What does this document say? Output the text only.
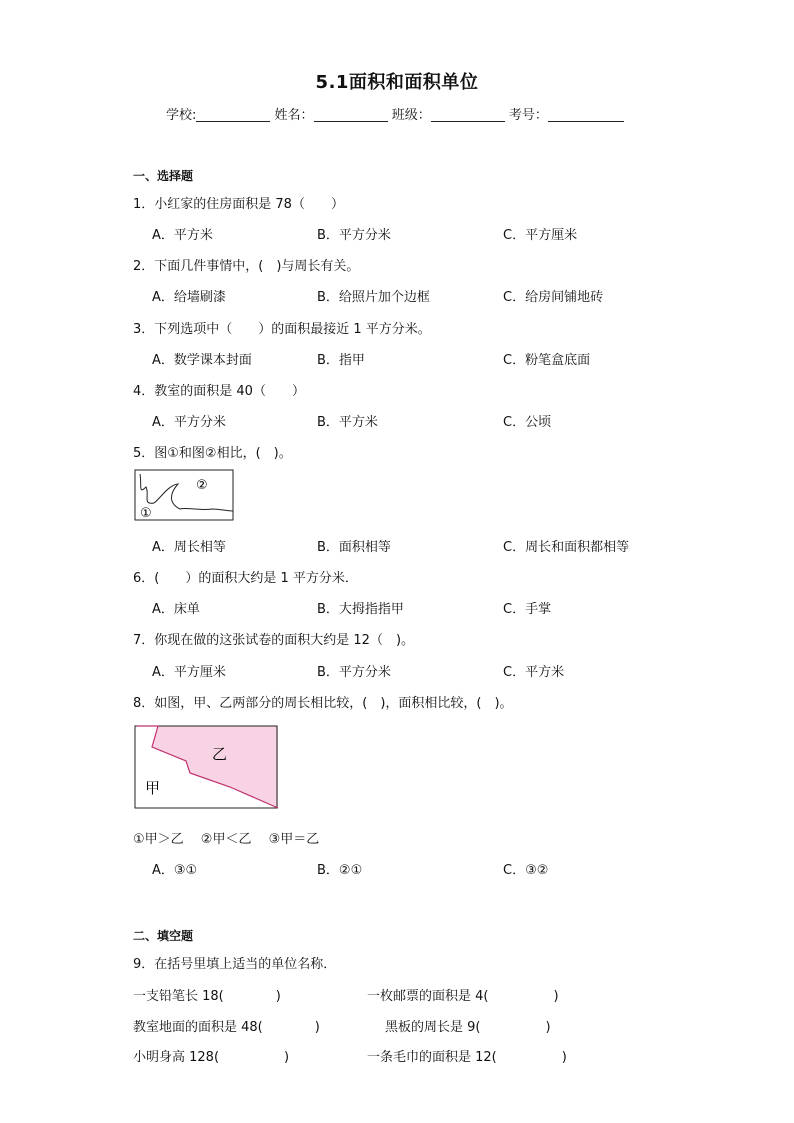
5.1面积和面积单位
学校:	姓名：	班级：	考号：
一、选择题
1．小红家的住房面积是 78（　　）
A．平方米	B．平方分米	C．平方厘米
2．下面几件事情中，(　)与周长有关。
A．给墙刷漆	B．给照片加个边框	C．给房间铺地砖
3．下列选项中（　　）的面积最接近 1 平方分米。
A．数学课本封面	B．指甲	C．粉笔盒底面
4．教室的面积是 40（　　）
A．平方分米	B．平方米	C．公顷
5．图①和图②相比，(　)。
②
①
A．周长相等	B．面积相等	C．周长和面积都相等
6．(　　）的面积大约是 1 平方分米．
A．床单	B．大拇指指甲	C．手掌
7．你现在做的这张试卷的面积大约是 12（　)。
A．平方厘米	B．平方分米	C．平方米
8．如图，甲、乙两部分的周长相比较，(　)，面积相比较，(　)。
乙
甲
①甲＞乙　 ②甲＜乙　 ③甲＝乙
A．③①	B．②①	C．③②
二、填空题
9．在括号里填上适当的单位名称．
一支铅笔长 18(　　　　)	一枚邮票的面积是 4(　　　　　)
教室地面的面积是 48(　　　　)	黑板的周长是 9(　　　　　)
小明身高 128(　　　　　)	一条毛巾的面积是 12(　　　　　)
